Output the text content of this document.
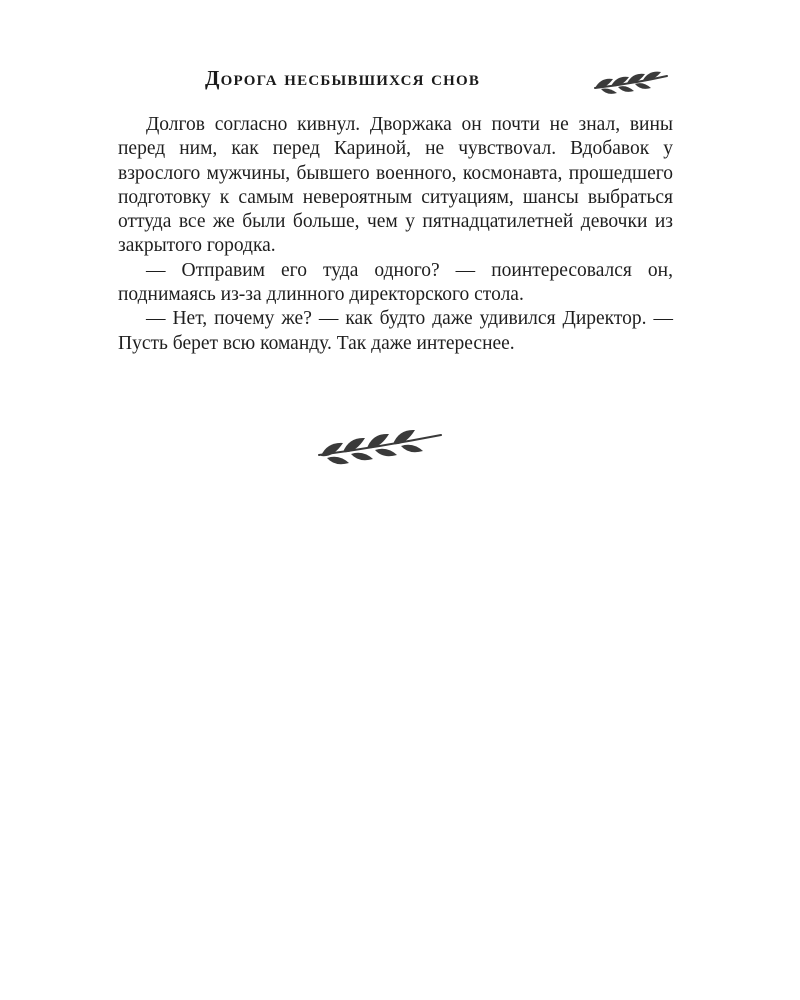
Дорога несбывшихся снов

Долгов согласно кивнул. Дворжака он почти не знал, вины перед ним, как перед Кариной, не чувствоvал. Вдобавок у взрослого мужчины, бывшего военного, космонавта, прошедшего подготовку к самым невероятным ситуациям, шансы выбраться оттуда все же были больше, чем у пятнадцатилетней девочки из закрытого городка.

— Отправим его туда одного? — поинтересовался он, поднимаясь из-за длинного директорского стола.

— Нет, почему же? — как будто даже удивился Директор. — Пусть берет всю команду. Так даже интереснее.
